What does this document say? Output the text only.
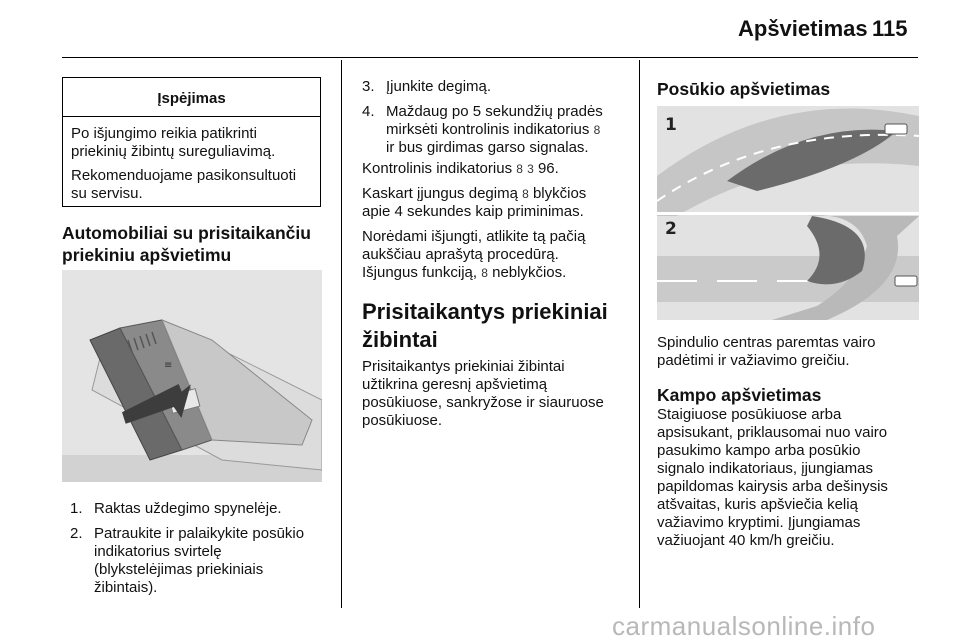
Apšvietimas 115
Įspėjimas

Po išjungimo reikia patikrinti
priekinių žibintų sureguliavimą.

Rekomenduojame pasikonsultuoti
su servisu.

Automobiliai su prisitaikančiu
priekiniu apšvietimu
≡
1. Raktas uždegimo spynelėje.
2. Patraukite ir palaikykite posūkio
indikatorius svirtelę
(blykstelėjimas priekiniais
žibintais).
3. Įjunkite degimą.
4. Maždaug po 5 sekundžių pradės
mirksėti kontrolinis indikatorius 8
ir bus girdimas garso signalas.

Kontrolinis indikatorius 8 3 96.

Kaskart įjungus degimą 8 blykčios
apie 4 sekundes kaip priminimas.

Norėdami išjungti, atlikite tą pačią
aukščiau aprašytą procedūrą.
Išjungus funkciją, 8 neblykčios.

Prisitaikantys priekiniai
žibintai
Prisitaikantys priekiniai žibintai
užtikrina geresnį apšvietimą
posūkiuose, sankryžose ir siauruose
posūkiuose.
Posūkio apšvietimas
1
2
Spindulio centras paremtas vairo
padėtimi ir važiavimo greičiu.
Kampo apšvietimas
Staigiuose posūkiuose arba
apsisukant, priklausomai nuo vairo
pasukimo kampo arba posūkio
signalo indikatoriaus, įjungiamas
papildomas kairysis arba dešinysis
atšvaitas, kuris apšviečia kelią
važiavimo kryptimi. Įjungiamas
važiuojant 40 km/h greičiu.
carmanualsonline.info
